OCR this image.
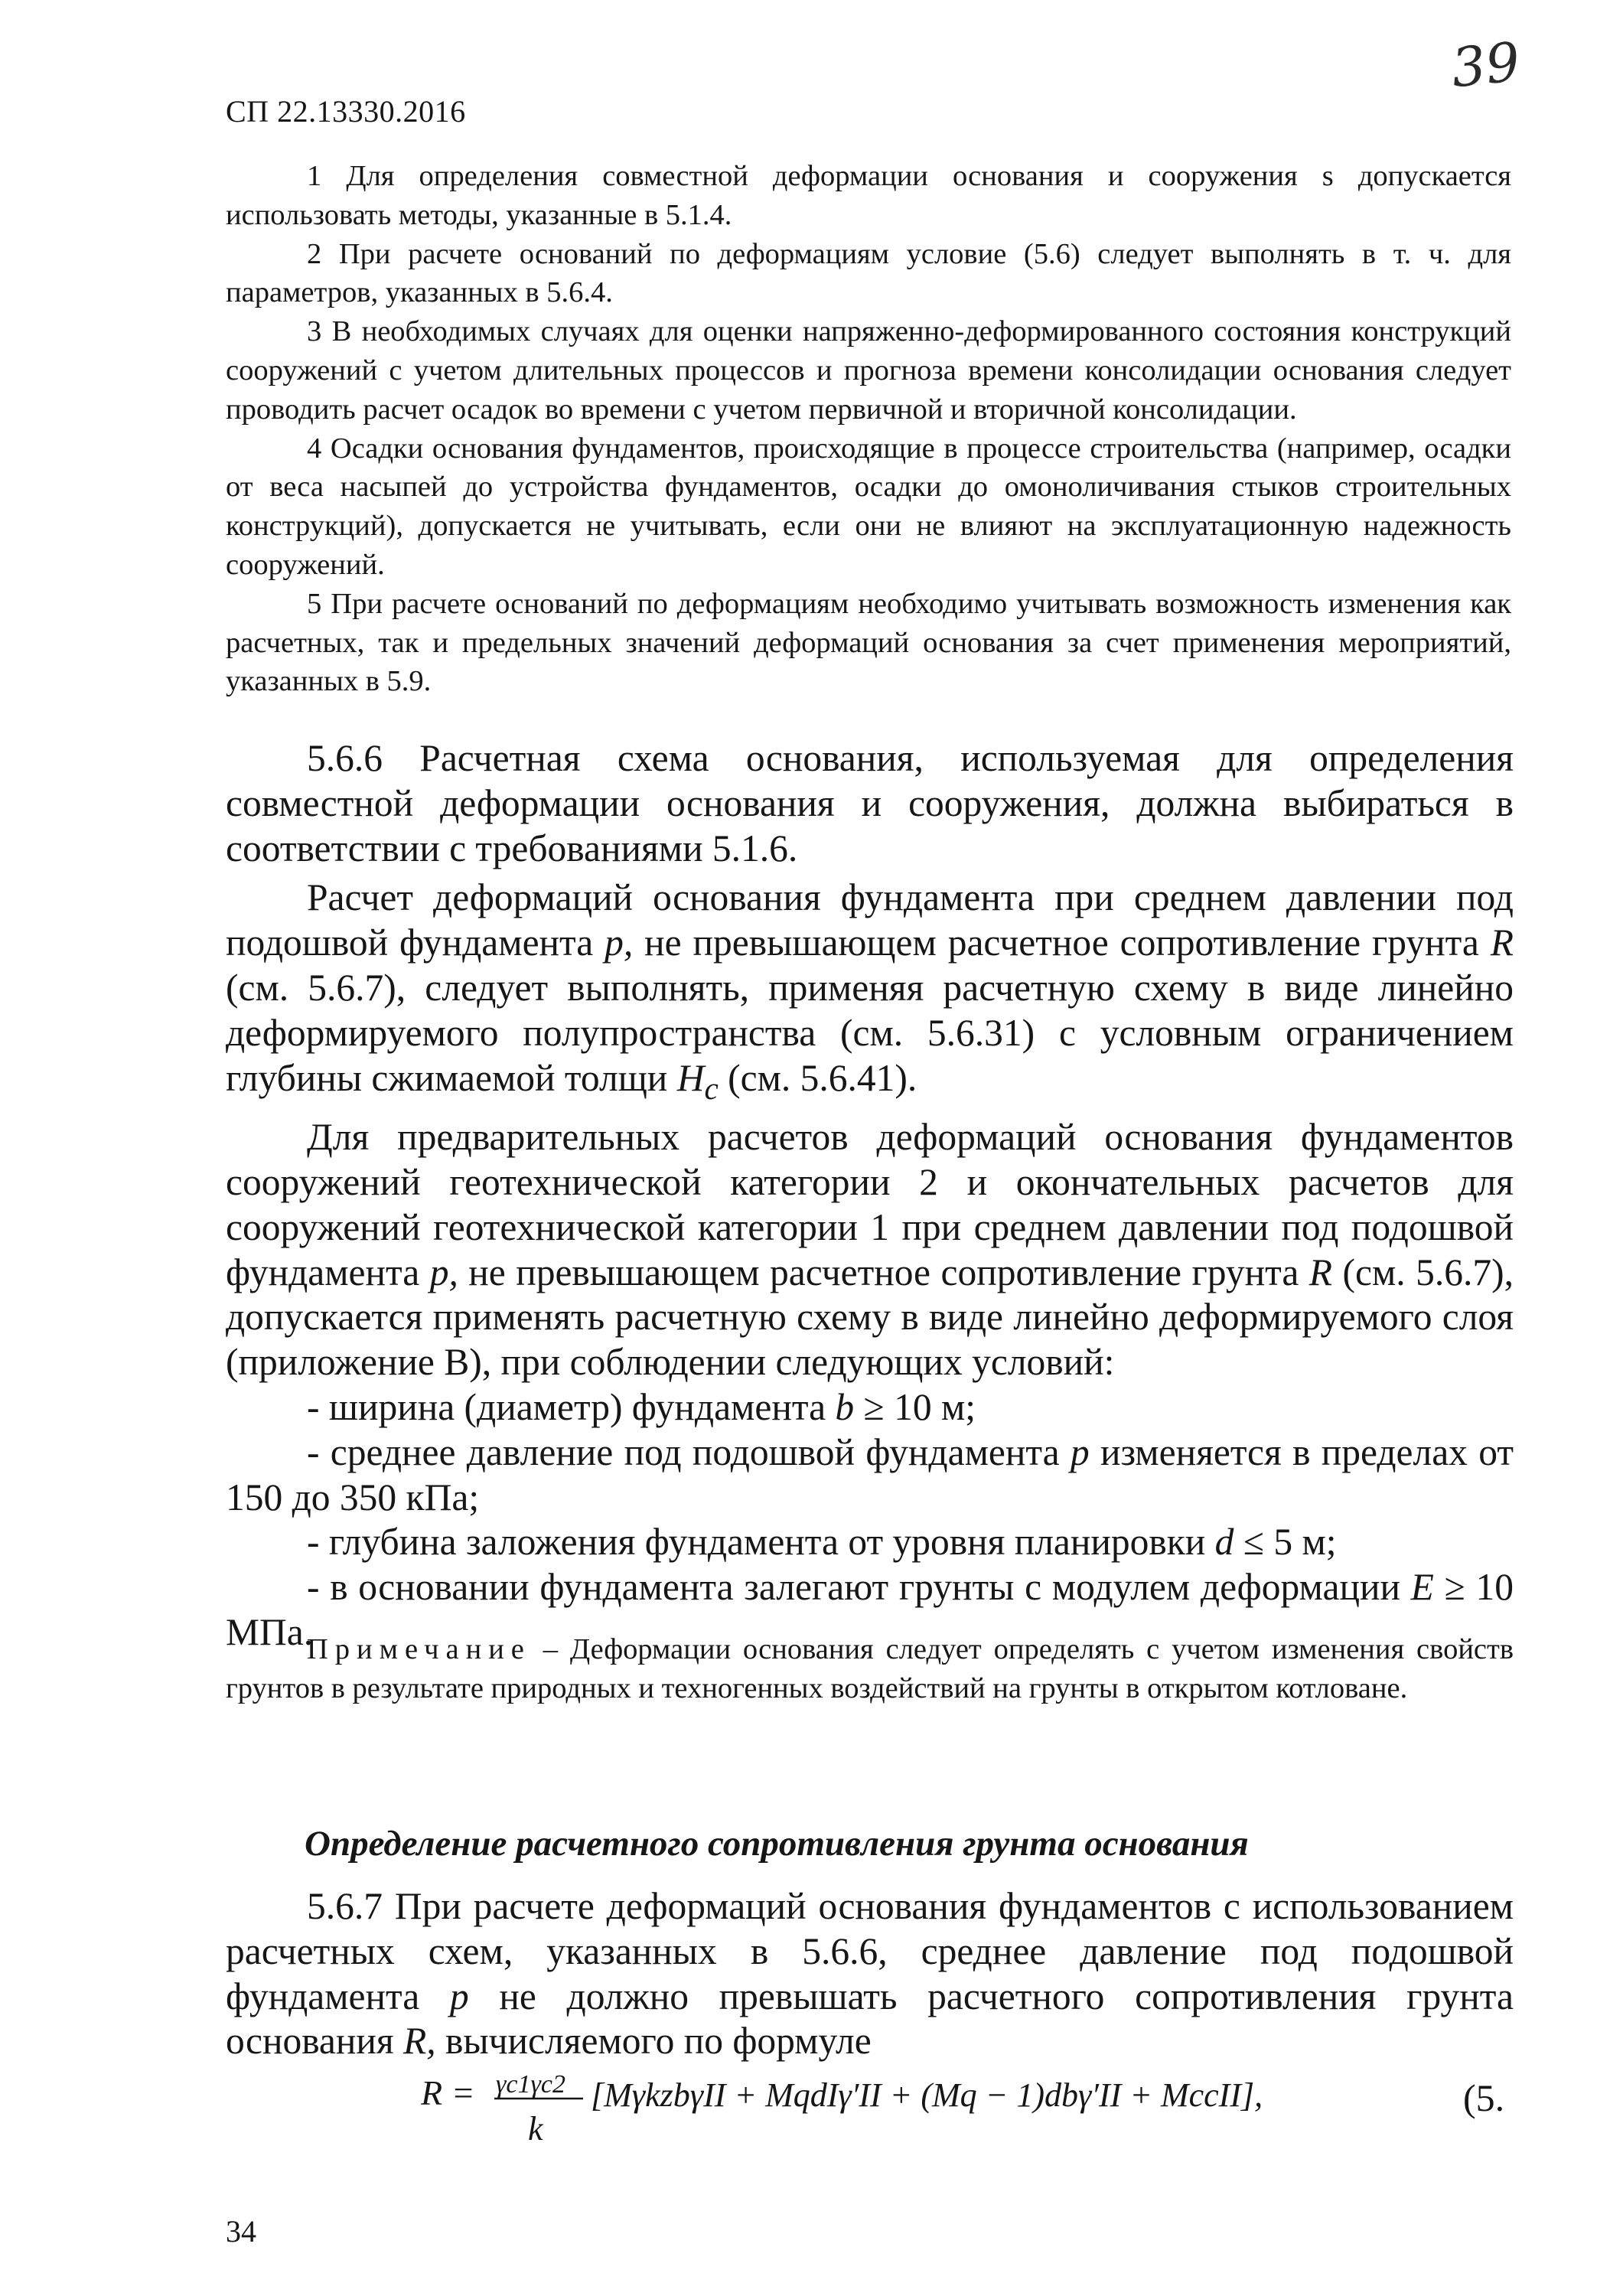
СП 22.13330.2016
39

1 Для определения совместной деформации основания и сооружения s допускается использовать методы, указанные в 5.1.4.

2 При расчете оснований по деформациям условие (5.6) следует выполнять в т. ч. для параметров, указанных в 5.6.4.

3 В необходимых случаях для оценки напряженно-деформированного состояния конструкций сооружений с учетом длительных процессов и прогноза времени консолидации основания следует проводить расчет осадок во времени с учетом первичной и вторичной консолидации.

4 Осадки основания фундаментов, происходящие в процессе строительства (например, осадки от веса насыпей до устройства фундаментов, осадки до омоноличивания стыков строительных конструкций), допускается не учитывать, если они не влияют на эксплуатационную надежность сооружений.

5 При расчете оснований по деформациям необходимо учитывать возможность изменения как расчетных, так и предельных значений деформаций основания за счет применения мероприятий, указанных в 5.9.

5.6.6 Расчетная схема основания, используемая для определения совместной деформации основания и сооружения, должна выбираться в соответствии с требованиями 5.1.6.

Расчет деформаций основания фундамента при среднем давлении под подошвой фундамента p, не превышающем расчетное сопротивление грунта R (см. 5.6.7), следует выполнять, применяя расчетную схему в виде линейно деформируемого полупространства (см. 5.6.31) с условным ограничением глубины сжимаемой толщи $H_c$ (см. 5.6.41).

Для предварительных расчетов деформаций основания фундаментов сооружений геотехнической категории 2 и окончательных расчетов для сооружений геотехнической категории 1 при среднем давлении под подошвой фундамента p, не превышающем расчетное сопротивление грунта R (см. 5.6.7), допускается применять расчетную схему в виде линейно деформируемого слоя (приложение В), при соблюдении следующих условий:

- ширина (диаметр) фундамента b ≥ 10 м;

- среднее давление под подошвой фундамента p изменяется в пределах от 150 до 350 кПа;

- глубина заложения фундамента от уровня планировки d ≤ 5 м;

- в основании фундамента залегают грунты с модулем деформации E ≥ 10 МПа.

Примечание – Деформации основания следует определять с учетом изменения свойств грунтов в результате природных и техногенных воздействий на грунты в открытом котловане.

Определение расчетного сопротивления грунта основания

5.6.7 При расчете деформаций основания фундаментов с использованием расчетных схем, указанных в 5.6.6, среднее давление под подошвой фундамента p не должно превышать расчетного сопротивления грунта основания R, вычисляемого по формуле

R = γc1γc2
k
[MγkzbγII + MqdIγ′II + (Mq − 1)dbγ′II + McсII],	(5.
34
